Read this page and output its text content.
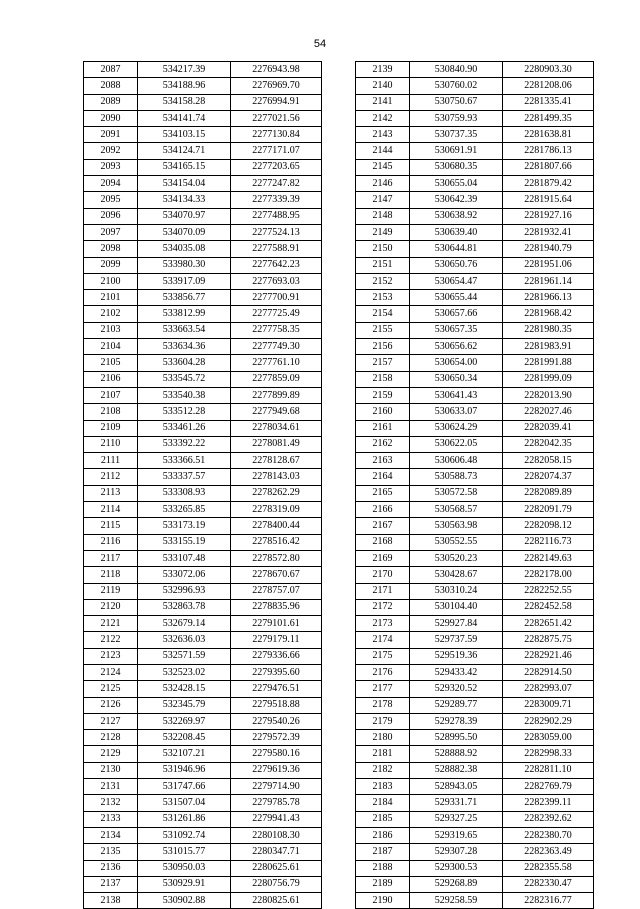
54
2087	534217.39	2276943.98
2088	534188.96	2276969.70
2089	534158.28	2276994.91
2090	534141.74	2277021.56
2091	534103.15	2277130.84
2092	534124.71	2277171.07
2093	534165.15	2277203.65
2094	534154.04	2277247.82
2095	534134.33	2277339.39
2096	534070.97	2277488.95
2097	534070.09	2277524.13
2098	534035.08	2277588.91
2099	533980.30	2277642.23
2100	533917.09	2277693.03
2101	533856.77	2277700.91
2102	533812.99	2277725.49
2103	533663.54	2277758.35
2104	533634.36	2277749.30
2105	533604.28	2277761.10
2106	533545.72	2277859.09
2107	533540.38	2277899.89
2108	533512.28	2277949.68
2109	533461.26	2278034.61
2110	533392.22	2278081.49
2111	533366.51	2278128.67
2112	533337.57	2278143.03
2113	533308.93	2278262.29
2114	533265.85	2278319.09
2115	533173.19	2278400.44
2116	533155.19	2278516.42
2117	533107.48	2278572.80
2118	533072.06	2278670.67
2119	532996.93	2278757.07
2120	532863.78	2278835.96
2121	532679.14	2279101.61
2122	532636.03	2279179.11
2123	532571.59	2279336.66
2124	532523.02	2279395.60
2125	532428.15	2279476.51
2126	532345.79	2279518.88
2127	532269.97	2279540.26
2128	532208.45	2279572.39
2129	532107.21	2279580.16
2130	531946.96	2279619.36
2131	531747.66	2279714.90
2132	531507.04	2279785.78
2133	531261.86	2279941.43
2134	531092.74	2280108.30
2135	531015.77	2280347.71
2136	530950.03	2280625.61
2137	530929.91	2280756.79
2138	530902.88	2280825.61
2139	530840.90	2280903.30
2140	530760.02	2281208.06
2141	530750.67	2281335.41
2142	530759.93	2281499.35
2143	530737.35	2281638.81
2144	530691.91	2281786.13
2145	530680.35	2281807.66
2146	530655.04	2281879.42
2147	530642.39	2281915.64
2148	530638.92	2281927.16
2149	530639.40	2281932.41
2150	530644.81	2281940.79
2151	530650.76	2281951.06
2152	530654.47	2281961.14
2153	530655.44	2281966.13
2154	530657.66	2281968.42
2155	530657.35	2281980.35
2156	530656.62	2281983.91
2157	530654.00	2281991.88
2158	530650.34	2281999.09
2159	530641.43	2282013.90
2160	530633.07	2282027.46
2161	530624.29	2282039.41
2162	530622.05	2282042.35
2163	530606.48	2282058.15
2164	530588.73	2282074.37
2165	530572.58	2282089.89
2166	530568.57	2282091.79
2167	530563.98	2282098.12
2168	530552.55	2282116.73
2169	530520.23	2282149.63
2170	530428.67	2282178.00
2171	530310.24	2282252.55
2172	530104.40	2282452.58
2173	529927.84	2282651.42
2174	529737.59	2282875.75
2175	529519.36	2282921.46
2176	529433.42	2282914.50
2177	529320.52	2282993.07
2178	529289.77	2283009.71
2179	529278.39	2282902.29
2180	528995.50	2283059.00
2181	528888.92	2282998.33
2182	528882.38	2282811.10
2183	528943.05	2282769.79
2184	529331.71	2282399.11
2185	529327.25	2282392.62
2186	529319.65	2282380.70
2187	529307.28	2282363.49
2188	529300.53	2282355.58
2189	529268.89	2282330.47
2190	529258.59	2282316.77
